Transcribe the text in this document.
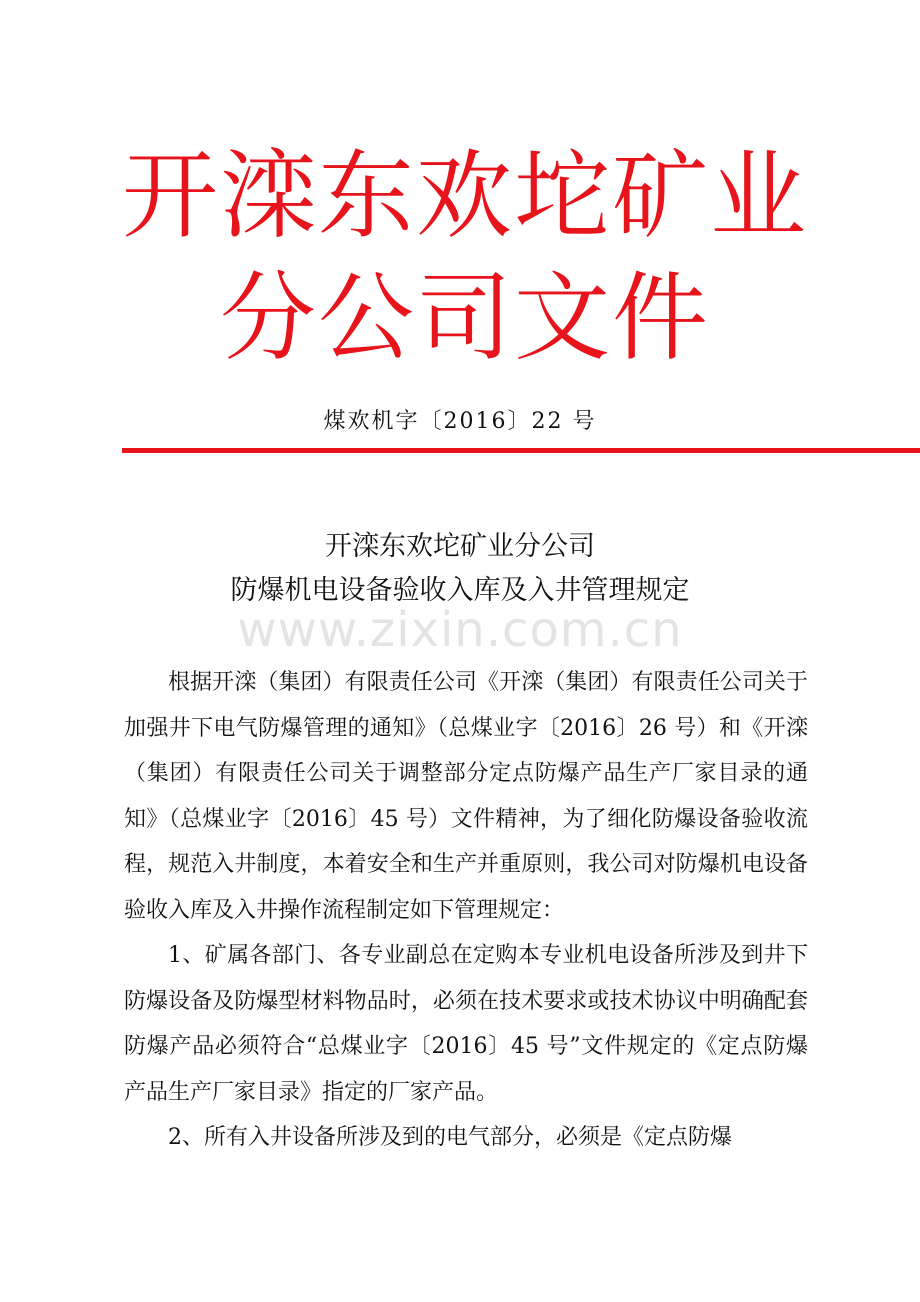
开滦东欢坨矿业
分公司文件
煤欢机字〔2016〕22 号
开滦东欢坨矿业分公司
防爆机电设备验收入库及入井管理规定
www.zixin.com.cn

根据开滦（集团）有限责任公司《开滦（集团）有限责任公司关于加强井下电气防爆管理的通知》（总煤业字〔2016〕26 号）和《开滦（集团）有限责任公司关于调整部分定点防爆产品生产厂家目录的通知》（总煤业字〔2016〕45 号）文件精神，为了细化防爆设备验收流程，规范入井制度，本着安全和生产并重原则，我公司对防爆机电设备验收入库及入井操作流程制定如下管理规定：

1、矿属各部门、各专业副总在定购本专业机电设备所涉及到井下防爆设备及防爆型材料物品时，必须在技术要求或技术协议中明确配套防爆产品必须符合“总煤业字〔2016〕45 号”文件规定的《定点防爆产品生产厂家目录》指定的厂家产品。

2、所有入井设备所涉及到的电气部分，必须是《定点防爆
